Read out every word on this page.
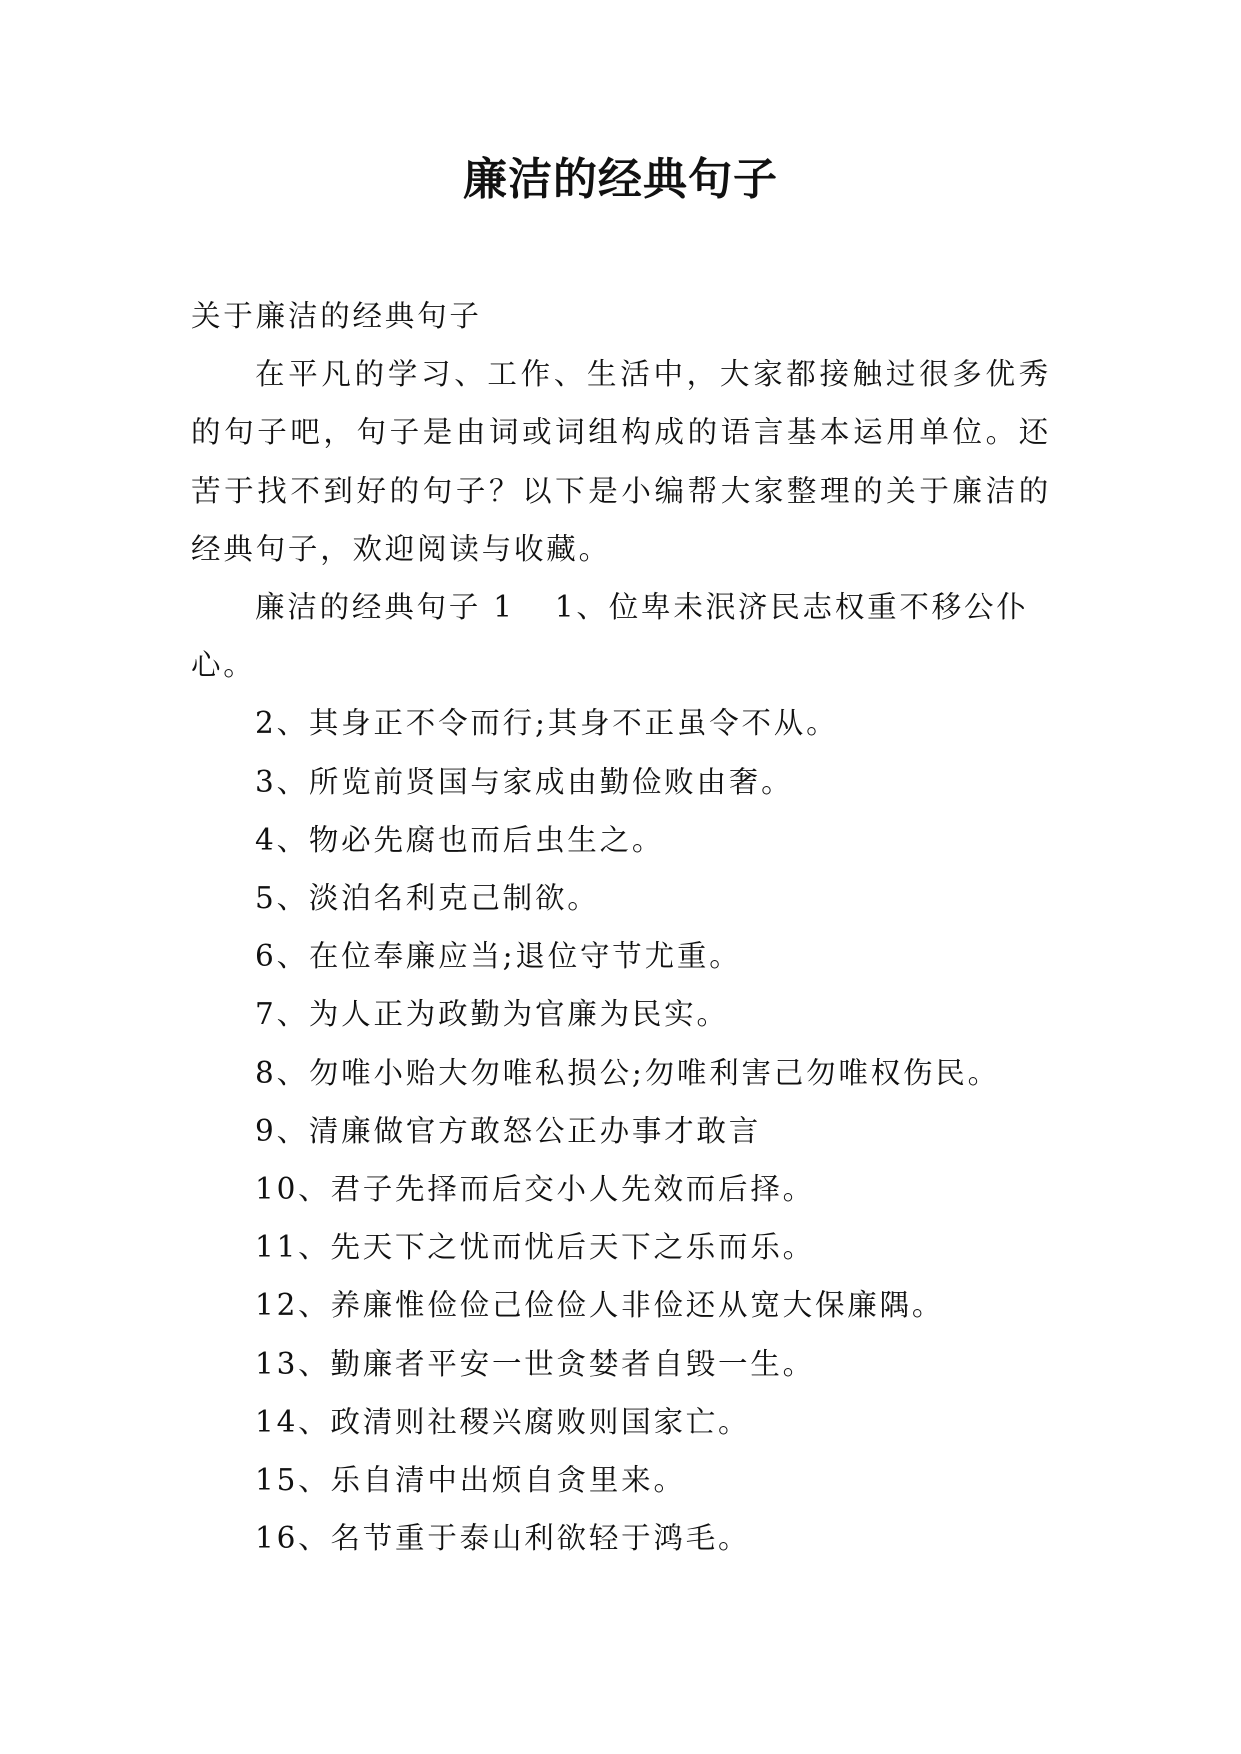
廉洁的经典句子

关于廉洁的经典句子

在平凡的学习、工作、生活中，大家都接触过很多优秀的句子吧，句子是由词或词组构成的语言基本运用单位。还苦于找不到好的句子？以下是小编帮大家整理的关于廉洁的经典句子，欢迎阅读与收藏。

廉洁的经典句子 1 1、位卑未泯济民志权重不移公仆心。

2、其身正不令而行;其身不正虽令不从。

3、所览前贤国与家成由勤俭败由奢。

4、物必先腐也而后虫生之。

5、淡泊名利克己制欲。

6、在位奉廉应当;退位守节尤重。

7、为人正为政勤为官廉为民实。

8、勿唯小贻大勿唯私损公;勿唯利害己勿唯权伤民。

9、清廉做官方敢怒公正办事才敢言

10、君子先择而后交小人先效而后择。

11、先天下之忧而忧后天下之乐而乐。

12、养廉惟俭俭己俭俭人非俭还从宽大保廉隅。

13、勤廉者平安一世贪婪者自毁一生。

14、政清则社稷兴腐败则国家亡。

15、乐自清中出烦自贪里来。

16、名节重于泰山利欲轻于鸿毛。
